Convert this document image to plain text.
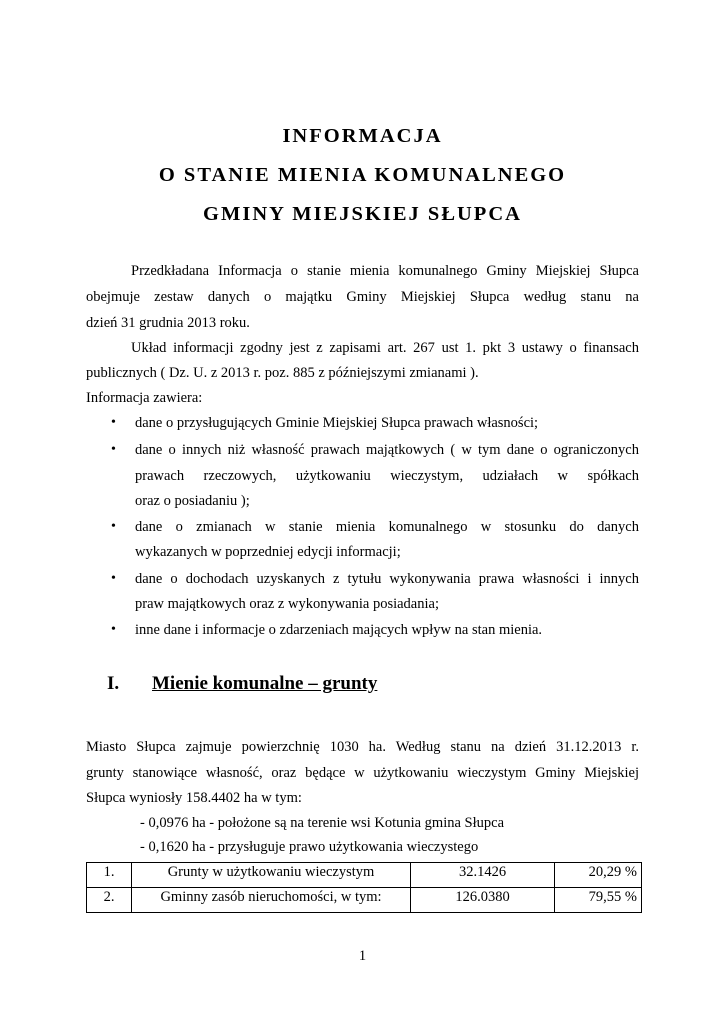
INFORMACJA
O STANIE MIENIA KOMUNALNEGO
GMINY MIEJSKIEJ SŁUPCA
Przedkładana Informacja o stanie mienia komunalnego Gminy Miejskiej Słupca
obejmuje zestaw danych o majątku Gminy Miejskiej Słupca według stanu na
dzień 31 grudnia 2013 roku.
Układ informacji zgodny jest z zapisami art. 267 ust 1. pkt 3 ustawy o finansach
publicznych ( Dz. U. z 2013 r. poz. 885 z późniejszymi zmianami ).
Informacja zawiera:
• dane o przysługujących Gminie Miejskiej Słupca prawach własności;
• dane o innych niż własność prawach majątkowych ( w tym dane o ograniczonych
prawach rzeczowych, użytkowaniu wieczystym, udziałach w spółkach
oraz o posiadaniu );
• dane o zmianach w stanie mienia komunalnego w stosunku do danych
wykazanych w poprzedniej edycji informacji;
• dane o dochodach uzyskanych z tytułu wykonywania prawa własności i innych
praw majątkowych oraz z wykonywania posiadania;
• inne dane i informacje o zdarzeniach mających wpływ na stan mienia.
I. Mienie komunalne – grunty
Miasto Słupca zajmuje powierzchnię 1030 ha. Według stanu na dzień 31.12.2013 r.
grunty stanowiące własność, oraz będące w użytkowaniu wieczystym Gminy Miejskiej
Słupca wyniosły 158.4402 ha w tym:
- 0,0976 ha - położone są na terenie wsi Kotunia gmina Słupca
- 0,1620 ha - przysługuje prawo użytkowania wieczystego
1.	Grunty w użytkowaniu wieczystym	32.1426	20,29 %
2.	Gminny zasób nieruchomości, w tym:	126.0380	79,55 %
1
